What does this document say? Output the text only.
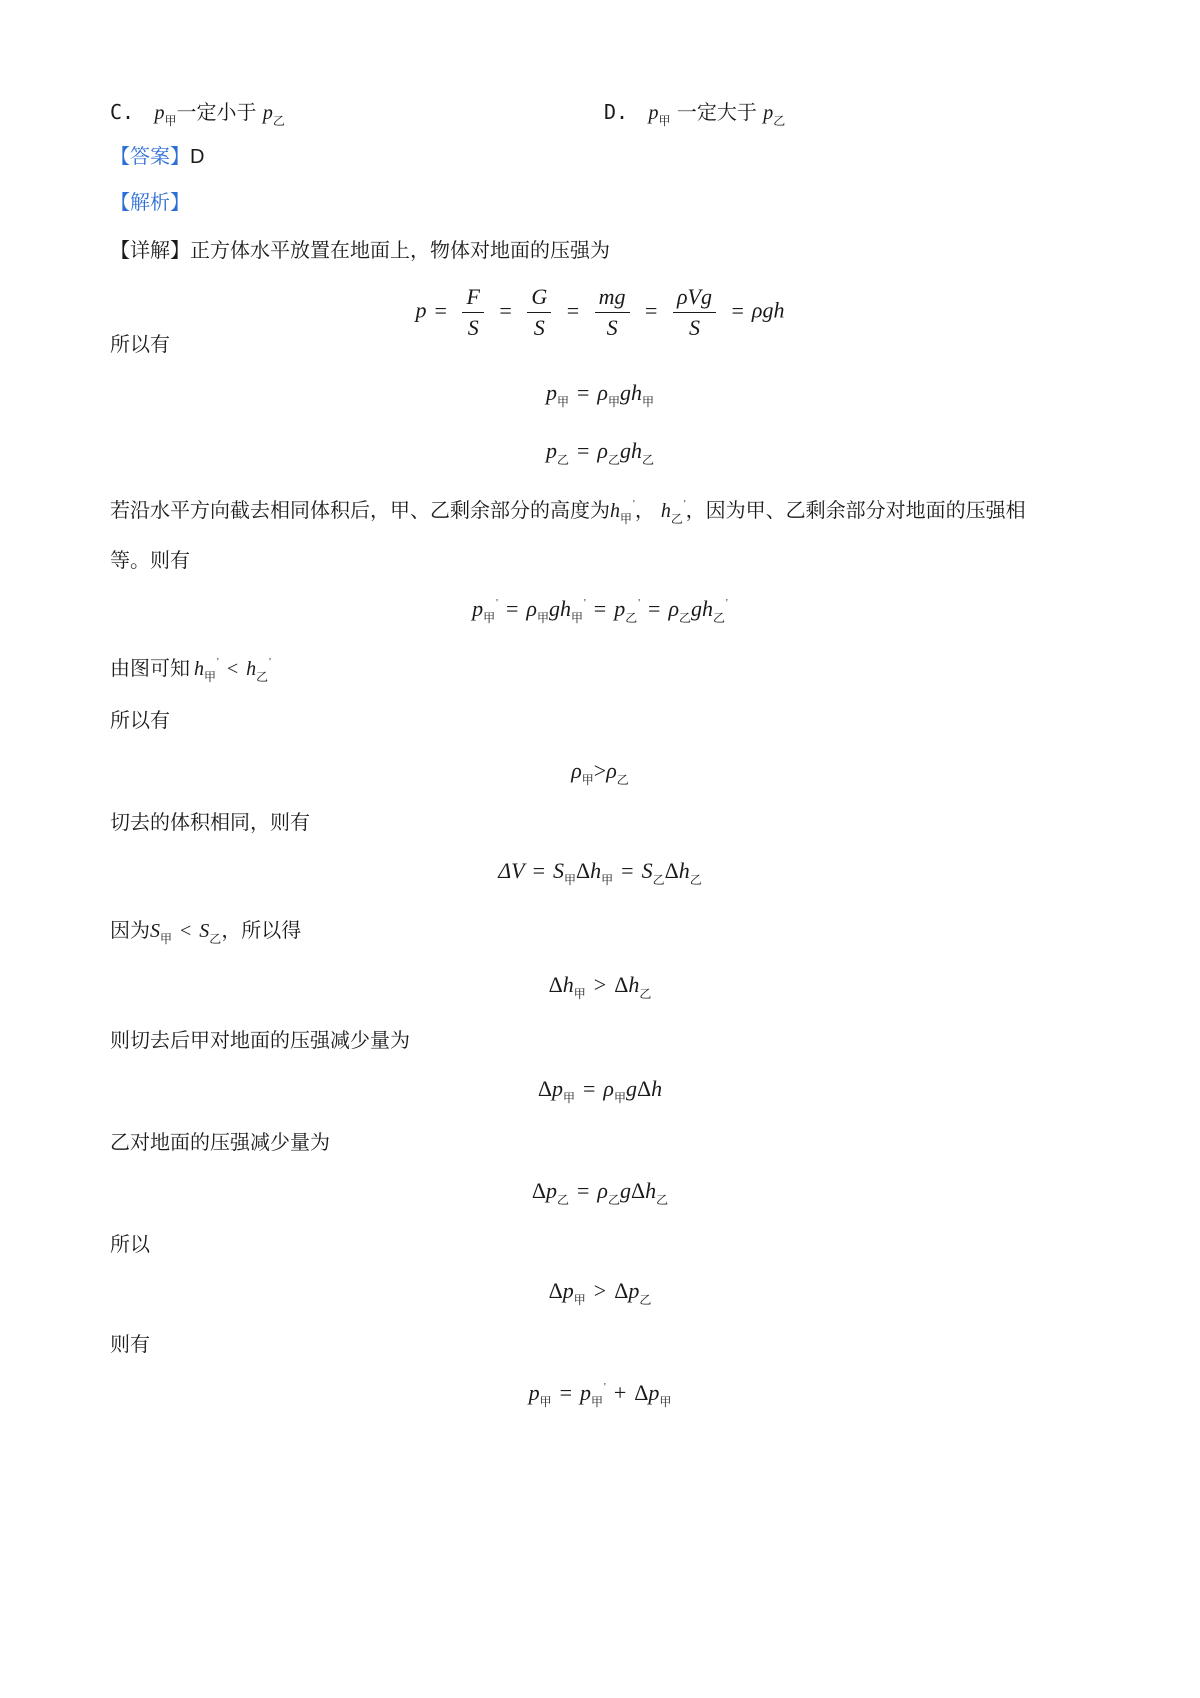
C. $p_甲$一定小于 $p_乙$	D. $p_甲$ 一定大于 $p_乙$
【答案】D
【解析】
【详解】正方体水平放置在地面上，物体对地面的压强为
$p = \frac{F}{S} = \frac{G}{S} = \frac{mg}{S} = \frac{\text{ρVg}}{S} = \rho gh$
所以有
$p_甲 = \rho_甲gh_甲$
$p_乙 = \rho_乙gh_乙$
若沿水平方向截去相同体积后，甲、乙剩余部分的高度为$h_甲'$， $h_乙'$，因为甲、乙剩余部分对地面的压强相
等。则有
$p_甲' = \rho_甲gh_甲' = p_乙' = \rho_乙gh_乙'$
由图可知 $h_甲' < h_乙'$
所以有
$\rho_甲>\rho_乙$
切去的体积相同，则有
$\Delta V = S_甲\Delta h_甲 = S_乙\Delta h_乙$
因为$S_甲 < S_乙$，所以得
$\Delta h_甲 > \Delta h_乙$
则切去后甲对地面的压强减少量为
$\Delta p_甲 = \rho_甲g\Delta h$
乙对地面的压强减少量为
$\Delta p_乙 = \rho_乙g\Delta h_乙$
所以
$\Delta p_甲 > \Delta p_乙$
则有
$p_甲 = p_甲' + \Delta p_甲$
